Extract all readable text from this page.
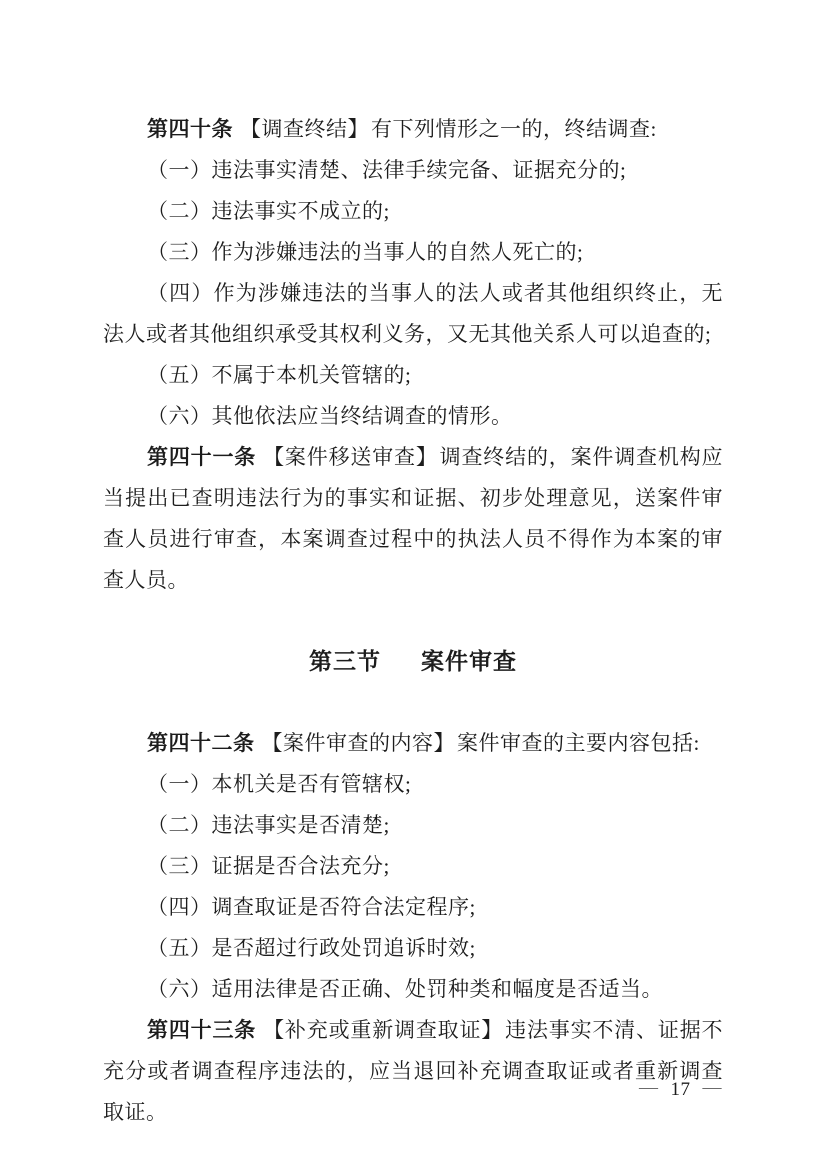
第四十条 【调查终结】有下列情形之一的，终结调查:

（一）违法事实清楚、法律手续完备、证据充分的;

（二）违法事实不成立的;

（三）作为涉嫌违法的当事人的自然人死亡的;

（四）作为涉嫌违法的当事人的法人或者其他组织终止，无法人或者其他组织承受其权利义务，又无其他关系人可以追查的;

（五）不属于本机关管辖的;

（六）其他依法应当终结调查的情形。

第四十一条 【案件移送审查】调查终结的，案件调查机构应当提出已查明违法行为的事实和证据、初步处理意见，送案件审查人员进行审查，本案调查过程中的执法人员不得作为本案的审查人员。

第三节 案件审查

第四十二条 【案件审查的内容】案件审查的主要内容包括:

（一）本机关是否有管辖权;

（二）违法事实是否清楚;

（三）证据是否合法充分;

（四）调查取证是否符合法定程序;

（五）是否超过行政处罚追诉时效;

（六）适用法律是否正确、处罚种类和幅度是否适当。

第四十三条 【补充或重新调查取证】违法事实不清、证据不充分或者调查程序违法的，应当退回补充调查取证或者重新调查取证。

— 17 —
